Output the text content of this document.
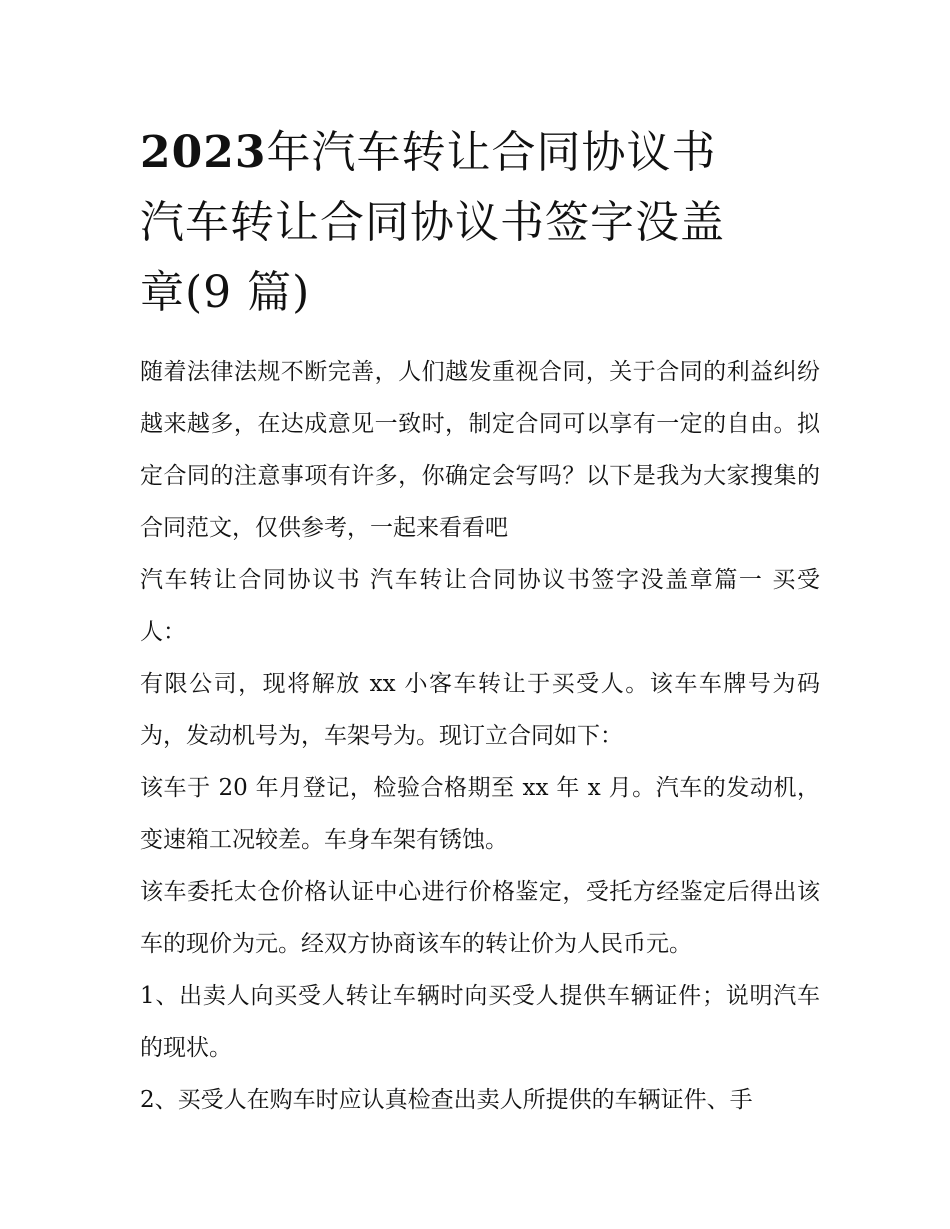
2023年汽车转让合同协议书

汽车转让合同协议书签字没盖

章(9 篇)

随着法律法规不断完善，人们越发重视合同，关于合同的利益纠纷越来越多，在达成意见一致时，制定合同可以享有一定的自由。拟定合同的注意事项有许多，你确定会写吗？以下是我为大家搜集的合同范文，仅供参考，一起来看看吧

汽车转让合同协议书 汽车转让合同协议书签字没盖章篇一 买受人：

有限公司，现将解放 xx 小客车转让于买受人。该车车牌号为码为，发动机号为，车架号为。现订立合同如下：

该车于 20 年月登记，检验合格期至 xx 年 x 月。汽车的发动机，变速箱工况较差。车身车架有锈蚀。

该车委托太仓价格认证中心进行价格鉴定，受托方经鉴定后得出该车的现价为元。经双方协商该车的转让价为人民币元。

1、出卖人向买受人转让车辆时向买受人提供车辆证件；说明汽车的现状。

2、买受人在购车时应认真检查出卖人所提供的车辆证件、手
